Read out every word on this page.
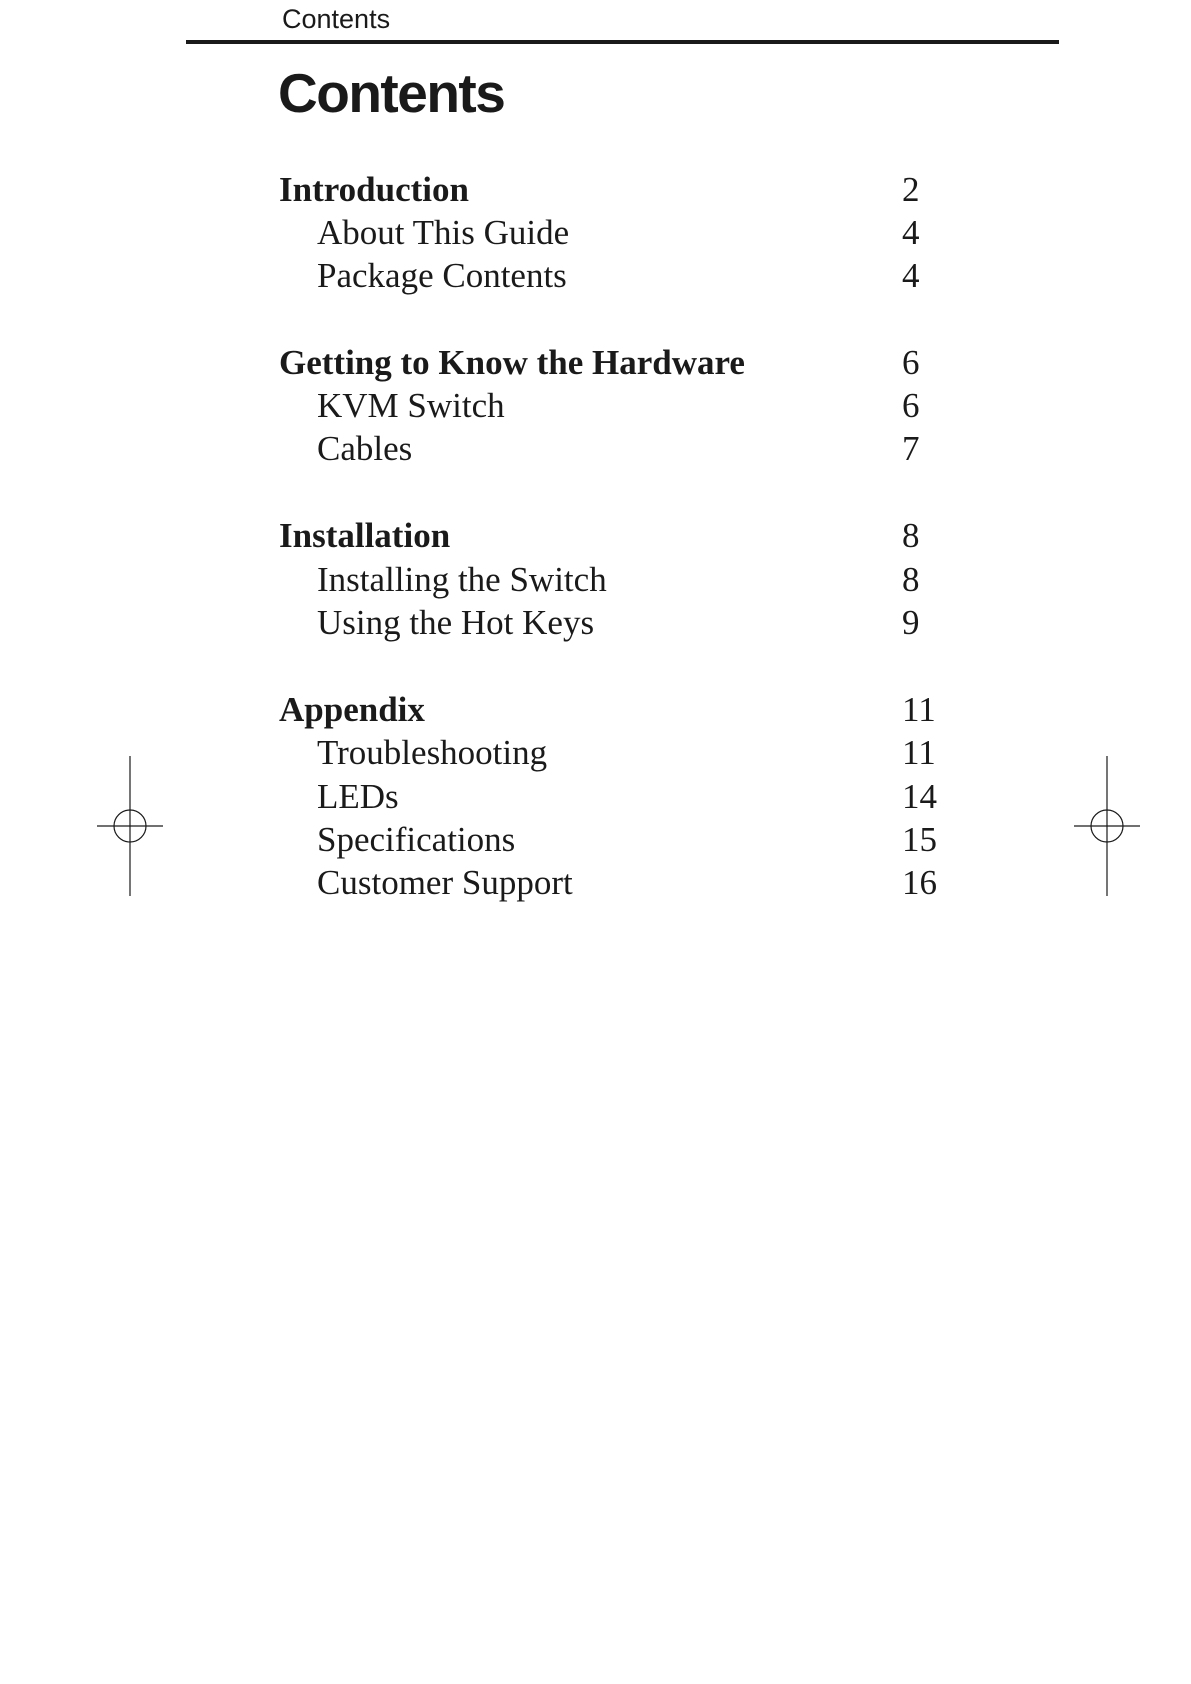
Contents
Contents
Introduction	2
About This Guide	4
Package Contents	4
Getting to Know the Hardware	6
KVM Switch	6
Cables	7
Installation	8
Installing the Switch	8
Using the Hot Keys	9
Appendix	11
Troubleshooting	11
LEDs	14
Specifications	15
Customer Support	16
